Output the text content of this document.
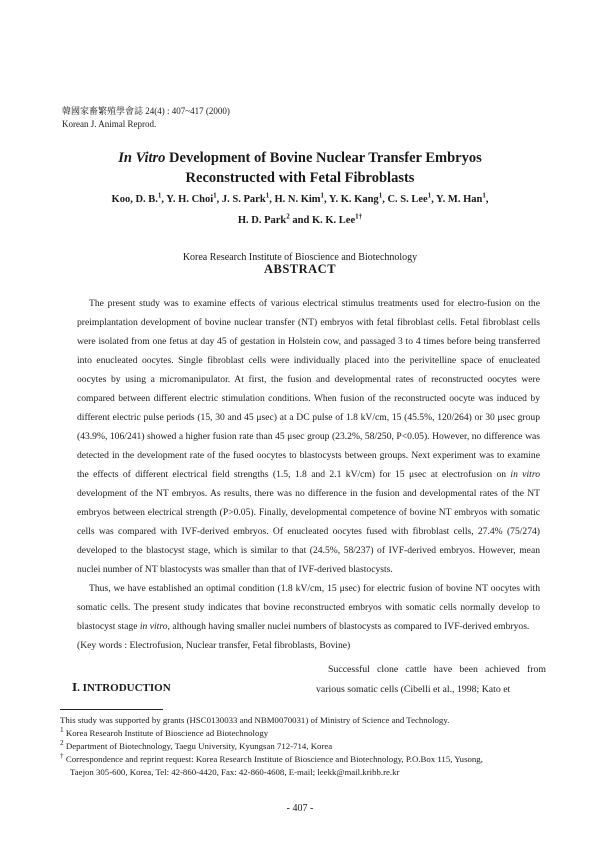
韓國家畜繁殖學會誌 24(4) : 407~417 (2000)
Korean J. Animal Reprod.
In Vitro Development of Bovine Nuclear Transfer Embryos
Reconstructed with Fetal Fibroblasts
Koo, D. B.$^1$, Y. H. Choi$^1$, J. S. Park$^1$, H. N. Kim$^1$, Y. K. Kang$^1$, C. S. Lee$^1$, Y. M. Han$^1$,
H. D. Park$^2$ and K. K. Lee$^{1\dagger}$
Korea Research Institute of Bioscience and Biotechnology
ABSTRACT

The present study was to examine effects of various electrical stimulus treatments used for electro-fusion on the preimplantation development of bovine nuclear transfer (NT) embryos with fetal fibroblast cells. Fetal fibroblast cells were isolated from one fetus at day 45 of gestation in Holstein cow, and passaged 3 to 4 times before being transferred into enucleated oocytes. Single fibroblast cells were individually placed into the perivitelline space of enucleated oocytes by using a micromanipulator. At first, the fusion and developmental rates of reconstructed oocytes were compared between different electric stimulation conditions. When fusion of the reconstructed oocyte was induced by different electric pulse periods (15, 30 and 45 μsec) at a DC pulse of 1.8 kV/cm, 15 (45.5%, 120/264) or 30 μsec group (43.9%, 106/241) showed a higher fusion rate than 45 μsec group (23.2%, 58/250, P<0.05). However, no difference was detected in the development rate of the fused oocytes to blastocysts between groups. Next experiment was to examine the effects of different electrical field strengths (1.5, 1.8 and 2.1 kV/cm) for 15 μsec at electrofusion on in vitro development of the NT embryos. As results, there was no difference in the fusion and developmental rates of the NT embryos between electrical strength (P>0.05). Finally, developmental competence of bovine NT embryos with somatic cells was compared with IVF-derived embryos. Of enucleated oocytes fused with fibroblast cells, 27.4% (75/274) developed to the blastocyst stage, which is similar to that (24.5%, 58/237) of IVF-derived embryos. However, mean nuclei number of NT blastocysts was smaller than that of IVF-derived blastocysts.

Thus, we have established an optimal condition (1.8 kV/cm, 15 μsec) for electric fusion of bovine NT oocytes with somatic cells. The present study indicates that bovine reconstructed embryos with somatic cells normally develop to blastocyst stage in vitro, although having smaller nuclei numbers of blastocysts as compared to IVF-derived embryos.

(Key words : Electrofusion, Nuclear transfer, Fetal fibroblasts, Bovine)

Ⅰ. INTRODUCTION
Successful clone cattle have been achieved from various somatic cells (Cibelli et al., 1998; Kato et
This study was supported by grants (HSC0130033 and NBM0070031) of Ministry of Science and Technology.
$^1$ Korea Researoh Institute of Bioscience ad Biotechnology
$^2$ Department of Biotechnology, Taegu University, Kyungsan 712-714, Korea
† Correspondence and reprint request: Korea Research Institute of Bioscience and Biotechnology, P.O.Box 115, Yusong,
Taejon 305-600, Korea, Tel: 42-860-4420, Fax: 42-860-4608, E-mail; leekk@mail.kribb.re.kr
- 407 -
